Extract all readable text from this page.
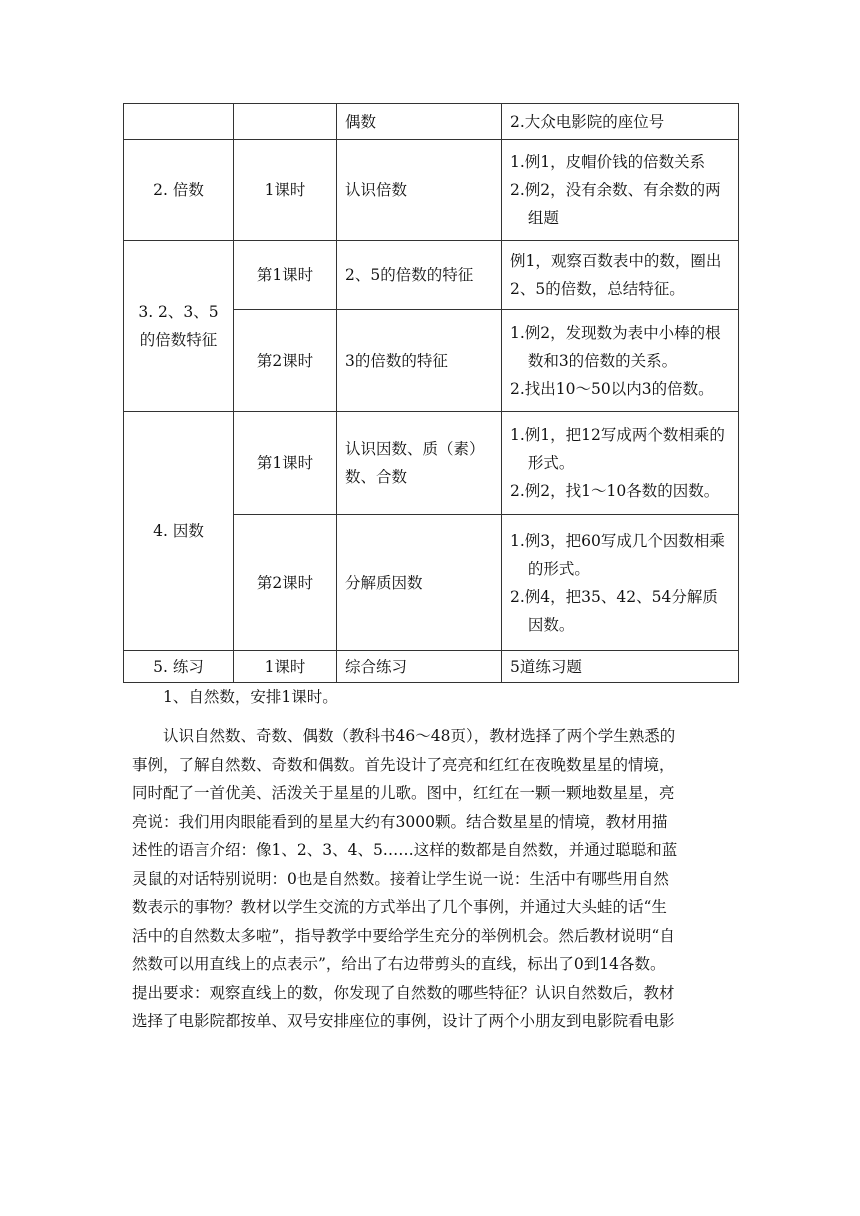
		偶数	2.大众电影院的座位号

2. 倍数	1课时	认识倍数	1.例1，皮帽价钱的倍数关系
2.例2，没有余数、有余数的两组题

3. 2、3、5的倍数特征	第1课时	2、5的倍数的特征	例1，观察百数表中的数，圈出2、5的倍数，总结特征。

	第2课时	3的倍数的特征	1.例2，发现数为表中小棒的根数和3的倍数的关系。
2.找出10～50以内3的倍数。

4. 因数	第1课时	认识因数、质（素）数、合数	1.例1，把12写成两个数相乘的形式。
2.例2，找1～10各数的因数。

	第2课时	分解质因数	1.例3，把60写成几个因数相乘的形式。
2.例4，把35、42、54分解质因数。

5. 练习	1课时	综合练习	5道练习题
1、自然数，安排1课时。
认识自然数、奇数、偶数（教科书46～48页），教材选择了两个学生熟悉的
事例，了解自然数、奇数和偶数。首先设计了亮亮和红红在夜晚数星星的情境，
同时配了一首优美、活泼关于星星的儿歌。图中，红红在一颗一颗地数星星，亮
亮说：我们用肉眼能看到的星星大约有3000颗。结合数星星的情境，教材用描
述性的语言介绍：像1、2、3、4、5……这样的数都是自然数，并通过聪聪和蓝
灵鼠的对话特别说明：0也是自然数。接着让学生说一说：生活中有哪些用自然
数表示的事物？教材以学生交流的方式举出了几个事例，并通过大头蛙的话“生
活中的自然数太多啦”，指导教学中要给学生充分的举例机会。然后教材说明“自
然数可以用直线上的点表示”，给出了右边带剪头的直线，标出了0到14各数。
提出要求：观察直线上的数，你发现了自然数的哪些特征？认识自然数后，教材
选择了电影院都按单、双号安排座位的事例，设计了两个小朋友到电影院看电影
